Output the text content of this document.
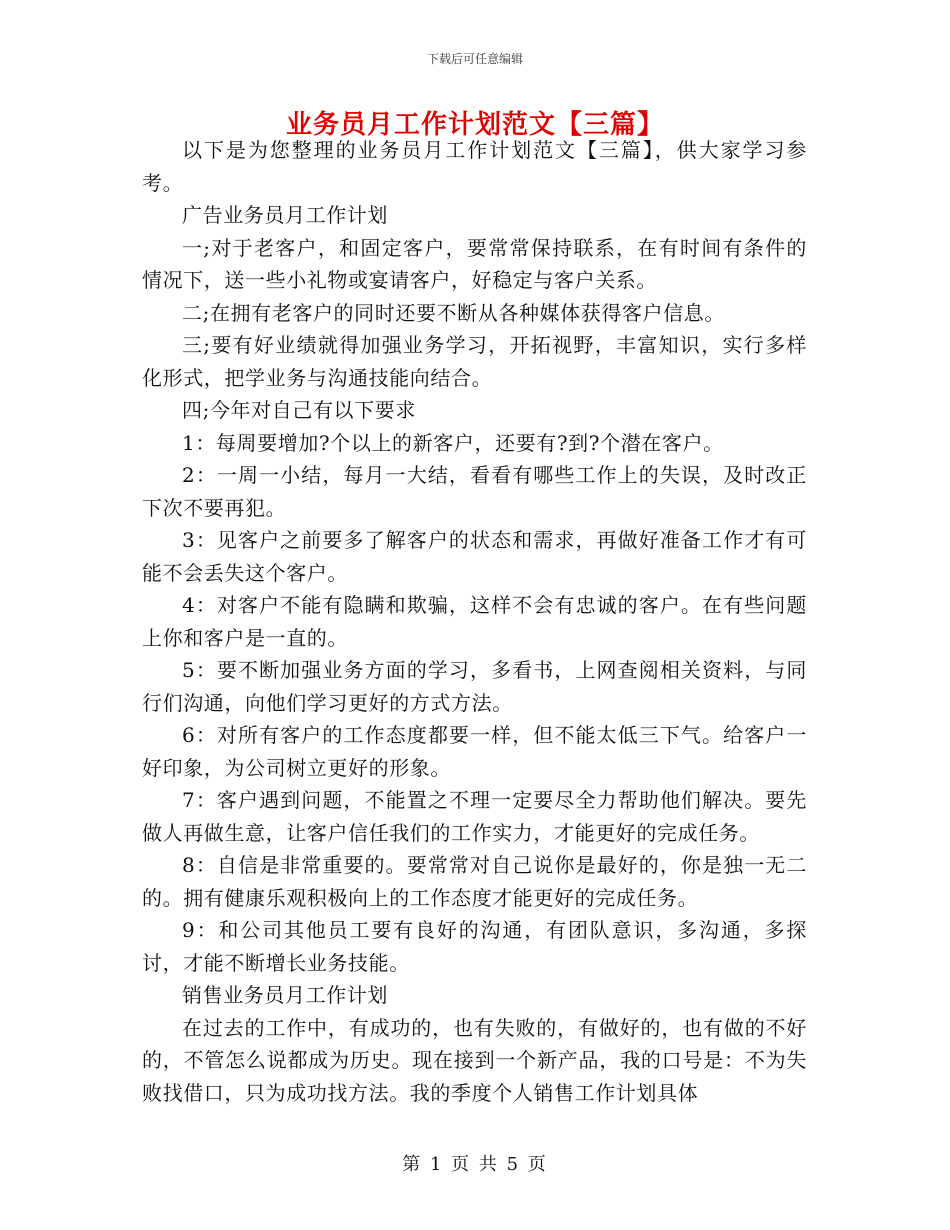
下载后可任意编辑
业务员月工作计划范文【三篇】

以下是为您整理的业务员月工作计划范文【三篇】，供大家学习参考。

广告业务员月工作计划

一;对于老客户，和固定客户，要常常保持联系，在有时间有条件的情况下，送一些小礼物或宴请客户，好稳定与客户关系。

二;在拥有老客户的同时还要不断从各种媒体获得客户信息。

三;要有好业绩就得加强业务学习，开拓视野，丰富知识，实行多样化形式，把学业务与沟通技能向结合。

四;今年对自己有以下要求

1：每周要增加?个以上的新客户，还要有?到?个潜在客户。

2：一周一小结，每月一大结，看看有哪些工作上的失误，及时改正下次不要再犯。

3：见客户之前要多了解客户的状态和需求，再做好准备工作才有可能不会丢失这个客户。

4：对客户不能有隐瞒和欺骗，这样不会有忠诚的客户。在有些问题上你和客户是一直的。

5：要不断加强业务方面的学习，多看书，上网查阅相关资料，与同行们沟通，向他们学习更好的方式方法。

6：对所有客户的工作态度都要一样，但不能太低三下气。给客户一好印象，为公司树立更好的形象。

7：客户遇到问题，不能置之不理一定要尽全力帮助他们解决。要先做人再做生意，让客户信任我们的工作实力，才能更好的完成任务。

8：自信是非常重要的。要常常对自己说你是最好的，你是独一无二的。拥有健康乐观积极向上的工作态度才能更好的完成任务。

9：和公司其他员工要有良好的沟通，有团队意识，多沟通，多探讨，才能不断增长业务技能。

销售业务员月工作计划

在过去的工作中，有成功的，也有失败的，有做好的，也有做的不好的，不管怎么说都成为历史。现在接到一个新产品，我的口号是：不为失败找借口，只为成功找方法。我的季度个人销售工作计划具体

第 1 页 共 5 页
